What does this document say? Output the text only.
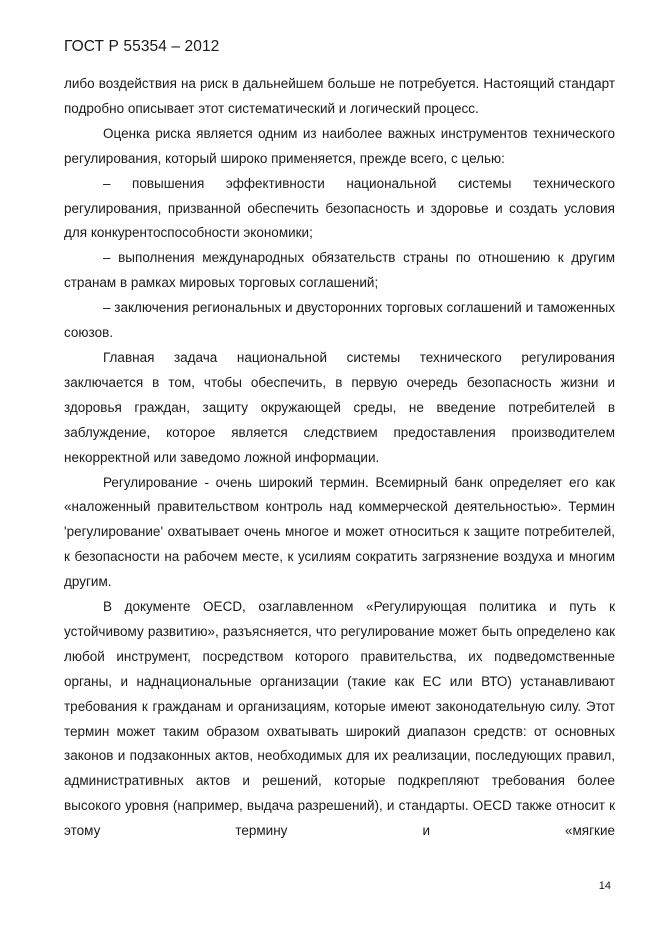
ГОСТ Р 55354 – 2012

либо воздействия на риск в дальнейшем больше не потребуется. Настоящий стандарт подробно описывает этот систематический и логический процесс.

Оценка риска является одним из наиболее важных инструментов технического регулирования, который широко применяется, прежде всего, с целью:

– повышения эффективности национальной системы технического регулирования, призванной обеспечить безопасность и здоровье и создать условия для конкурентоспособности экономики;

– выполнения международных обязательств страны по отношению к другим странам в рамках мировых торговых соглашений;

– заключения региональных и двусторонних торговых соглашений и таможенных союзов.

Главная задача национальной системы технического регулирования заключается в том, чтобы обеспечить, в первую очередь безопасность жизни и здоровья граждан, защиту окружающей среды, не введение потребителей в заблуждение, которое является следствием предоставления производителем некорректной или заведомо ложной информации.

Регулирование - очень широкий термин. Всемирный банк определяет его как «наложенный правительством контроль над коммерческой деятельностью». Термин 'регулирование' охватывает очень многое и может относиться к защите потребителей, к безопасности на рабочем месте, к усилиям сократить загрязнение воздуха и многим другим.

В документе OECD, озаглавленном «Регулирующая политика и путь к устойчивому развитию», разъясняется, что регулирование может быть определено как любой инструмент, посредством которого правительства, их подведомственные органы, и наднациональные организации (такие как ЕС или ВТО) устанавливают требования к гражданам и организациям, которые имеют законодательную силу. Этот термин может таким образом охватывать широкий диапазон средств: от основных законов и подзаконных актов, необходимых для их реализации, последующих правил, административных актов и решений, которые подкрепляют требования более высокого уровня (например, выдача разрешений), и стандарты. OECD также относит к этому термину и «мягкие

14
